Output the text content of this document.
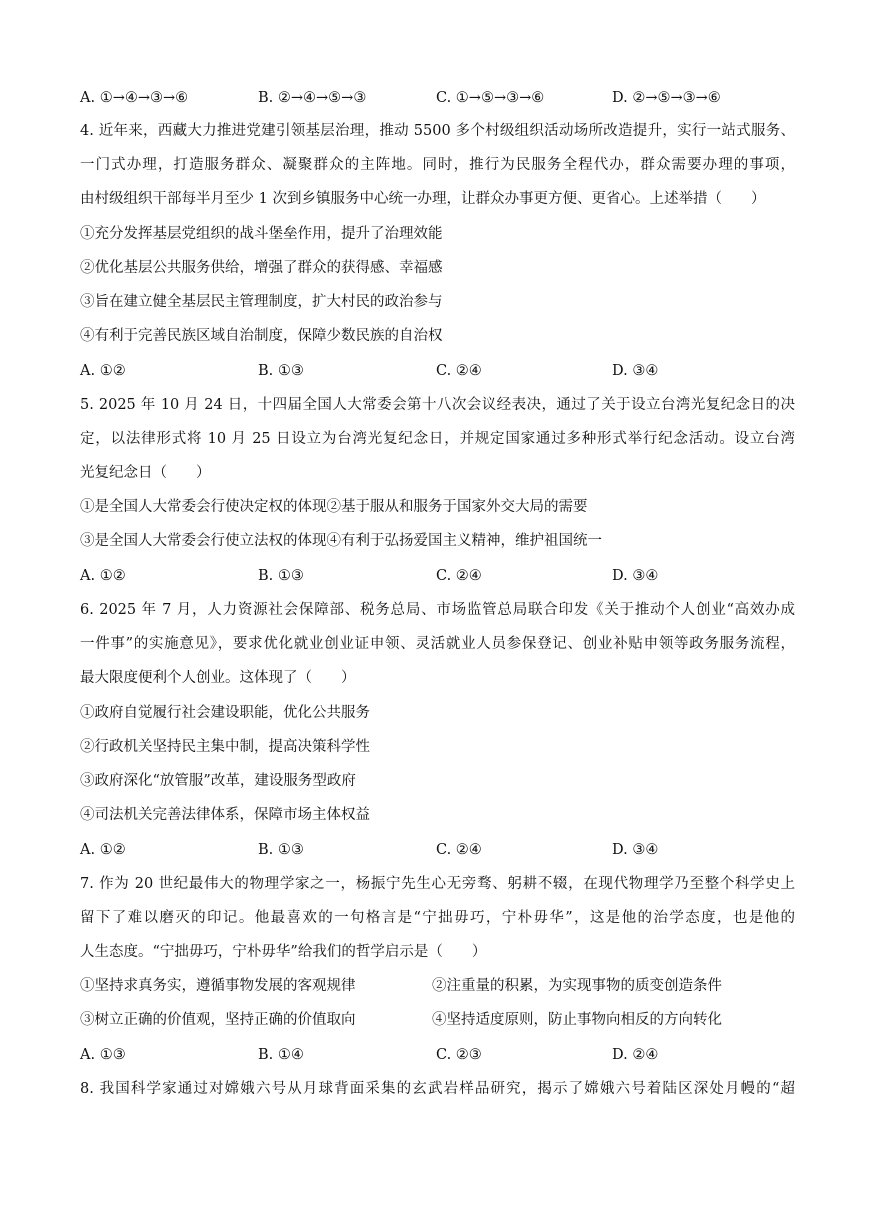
A. ①→④→③→⑥	B. ②→④→⑤→③	C. ①→⑤→③→⑥	D. ②→⑤→③→⑥
4. 近年来，西藏大力推进党建引领基层治理，推动 5500 多个村级组织活动场所改造提升，实行一站式服务、
一门式办理，打造服务群众、凝聚群众的主阵地。同时，推行为民服务全程代办，群众需要办理的事项，
由村级组织干部每半月至少 1 次到乡镇服务中心统一办理，让群众办事更方便、更省心。上述举措（　　）
①充分发挥基层党组织的战斗堡垒作用，提升了治理效能
②优化基层公共服务供给，增强了群众的获得感、幸福感
③旨在建立健全基层民主管理制度，扩大村民的政治参与
④有利于完善民族区域自治制度，保障少数民族的自治权
A. ①②	B. ①③	C. ②④	D. ③④
5. 2025 年 10 月 24 日，十四届全国人大常委会第十八次会议经表决，通过了关于设立台湾光复纪念日的决
定，以法律形式将 10 月 25 日设立为台湾光复纪念日，并规定国家通过多种形式举行纪念活动。设立台湾
光复纪念日（　　）
①是全国人大常委会行使决定权的体现②基于服从和服务于国家外交大局的需要
③是全国人大常委会行使立法权的体现④有利于弘扬爱国主义精神，维护祖国统一
A. ①②	B. ①③	C. ②④	D. ③④
6. 2025 年 7 月，人力资源社会保障部、税务总局、市场监管总局联合印发《关于推动个人创业“高效办成
一件事”的实施意见》，要求优化就业创业证申领、灵活就业人员参保登记、创业补贴申领等政务服务流程，
最大限度便利个人创业。这体现了（　　）
①政府自觉履行社会建设职能，优化公共服务
②行政机关坚持民主集中制，提高决策科学性
③政府深化“放管服”改革，建设服务型政府
④司法机关完善法律体系，保障市场主体权益
A. ①②	B. ①③	C. ②④	D. ③④
7. 作为 20 世纪最伟大的物理学家之一，杨振宁先生心无旁骛、躬耕不辍，在现代物理学乃至整个科学史上
留下了难以磨灭的印记。他最喜欢的一句格言是“宁拙毋巧，宁朴毋华”，这是他的治学态度，也是他的
人生态度。“宁拙毋巧，宁朴毋华”给我们的哲学启示是（　　）
①坚持求真务实，遵循事物发展的客观规律	②注重量的积累，为实现事物的质变创造条件
③树立正确的价值观，坚持正确的价值取向	④坚持适度原则，防止事物向相反的方向转化
A. ①③	B. ①④	C. ②③	D. ②④
8. 我国科学家通过对嫦娥六号从月球背面采集的玄武岩样品研究，揭示了嫦娥六号着陆区深处月幔的“超
